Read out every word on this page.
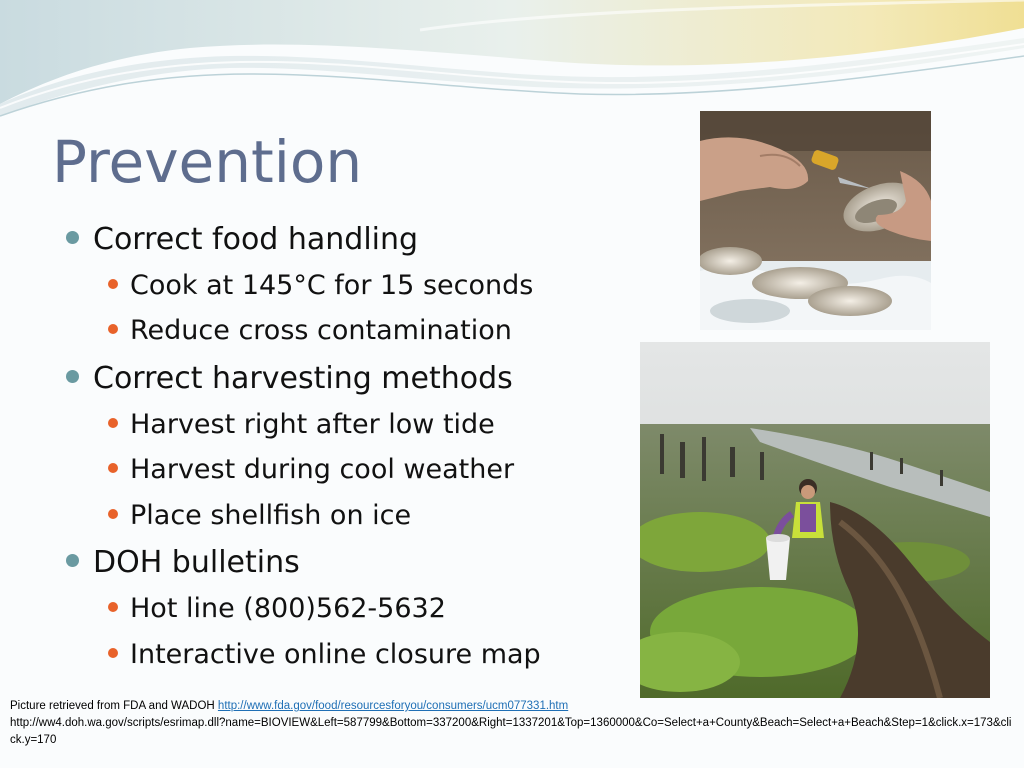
Prevention
Correct food handling
Cook at 145°C for 15 seconds
Reduce cross contamination
Correct harvesting methods
Harvest right after low tide
Harvest during cool weather
Place shellfish on ice
DOH bulletins
Hot line (800)562-5632
Interactive online closure map
Picture retrieved from FDA and WADOH http://www.fda.gov/food/resourcesforyou/consumers/ucm077331.htm
http://ww4.doh.wa.gov/scripts/esrimap.dll?name=BIOVIEW&Left=587799&Bottom=337200&Right=1337201&Top=1360000&Co=Select+a+County&Beach=Select+a+Beach&Step=1&click.x=173&click.y=170
